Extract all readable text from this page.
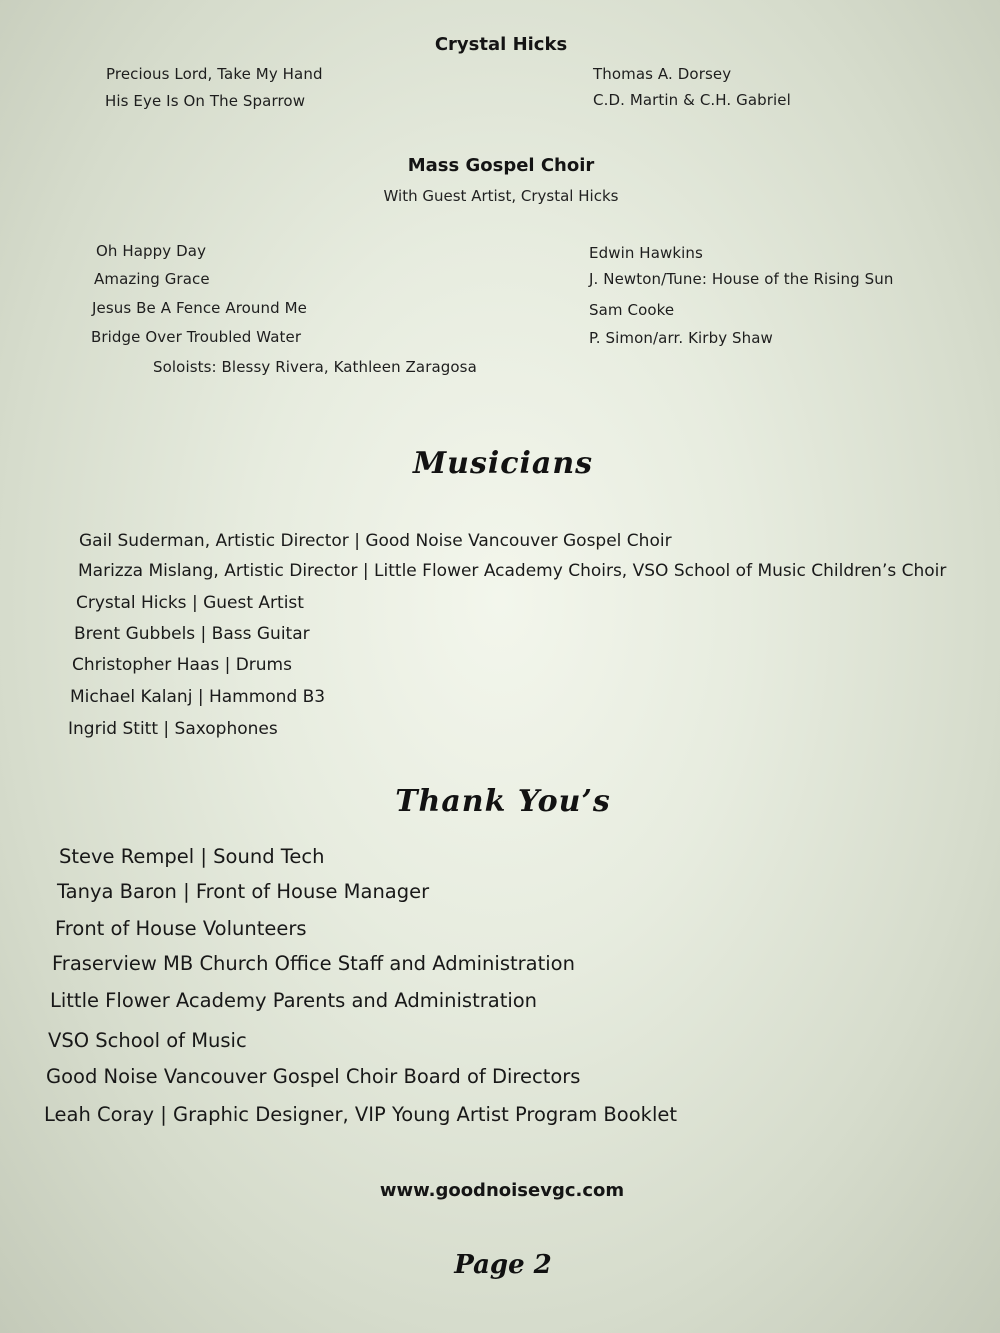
Crystal Hicks
Precious Lord, Take My Hand	Thomas A. Dorsey
His Eye Is On The Sparrow	C.D. Martin & C.H. Gabriel
Mass Gospel Choir
With Guest Artist, Crystal Hicks
Oh Happy Day	Edwin Hawkins
Amazing Grace	J. Newton/Tune: House of the Rising Sun
Jesus Be A Fence Around Me	Sam Cooke
Bridge Over Troubled Water	P. Simon/arr. Kirby Shaw
Soloists: Blessy Rivera, Kathleen Zaragosa
Musicians
Gail Suderman, Artistic Director | Good Noise Vancouver Gospel Choir
Marizza Mislang, Artistic Director | Little Flower Academy Choirs, VSO School of Music Children’s Choir
Crystal Hicks | Guest Artist
Brent Gubbels | Bass Guitar
Christopher Haas | Drums
Michael Kalanj | Hammond B3
Ingrid Stitt | Saxophones
Thank You’s
Steve Rempel | Sound Tech
Tanya Baron | Front of House Manager
Front of House Volunteers
Fraserview MB Church Office Staff and Administration
Little Flower Academy Parents and Administration
VSO School of Music
Good Noise Vancouver Gospel Choir Board of Directors
Leah Coray | Graphic Designer, VIP Young Artist Program Booklet
www.goodnoisevgc.com
Page 2
